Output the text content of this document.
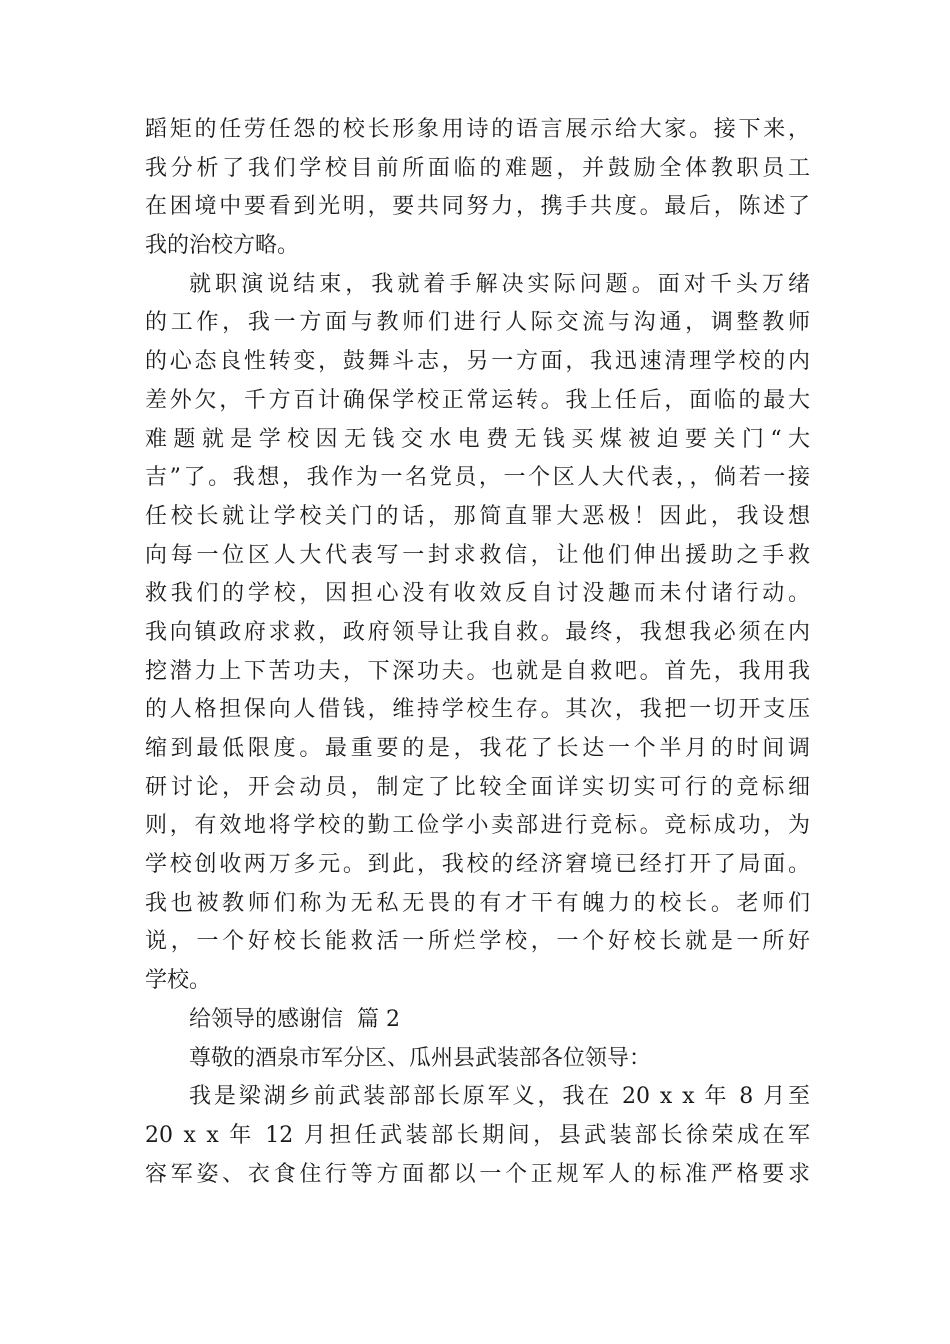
蹈矩的任劳任怨的校长形象用诗的语言展示给大家。接下来，
我分析了我们学校目前所面临的难题，并鼓励全体教职员工
在困境中要看到光明，要共同努力，携手共度。最后，陈述了
我的治校方略。
就职演说结束，我就着手解决实际问题。面对千头万绪
的工作，我一方面与教师们进行人际交流与沟通，调整教师
的心态良性转变，鼓舞斗志，另一方面，我迅速清理学校的内
差外欠，千方百计确保学校正常运转。我上任后，面临的最大
难题就是学校因无钱交水电费无钱买煤被迫要关门“大
吉”了。我想，我作为一名党员，一个区人大代表，，倘若一接
任校长就让学校关门的话，那简直罪大恶极！因此，我设想
向每一位区人大代表写一封求救信，让他们伸出援助之手救
救我们的学校，因担心没有收效反自讨没趣而未付诸行动。
我向镇政府求救，政府领导让我自救。最终，我想我必须在内
挖潜力上下苦功夫，下深功夫。也就是自救吧。首先，我用我
的人格担保向人借钱，维持学校生存。其次，我把一切开支压
缩到最低限度。最重要的是，我花了长达一个半月的时间调
研讨论，开会动员，制定了比较全面详实切实可行的竞标细
则，有效地将学校的勤工俭学小卖部进行竞标。竞标成功，为
学校创收两万多元。到此，我校的经济窘境已经打开了局面。
我也被教师们称为无私无畏的有才干有魄力的校长。老师们
说，一个好校长能救活一所烂学校，一个好校长就是一所好
学校。
给领导的感谢信  篇 2
尊敬的酒泉市军分区、瓜州县武装部各位领导：
我是梁湖乡前武装部部长原军义，我在 20 x x 年 8 月至
20 x x 年 12 月担任武装部长期间，县武装部长徐荣成在军
容军姿、衣食住行等方面都以一个正规军人的标准严格要求
